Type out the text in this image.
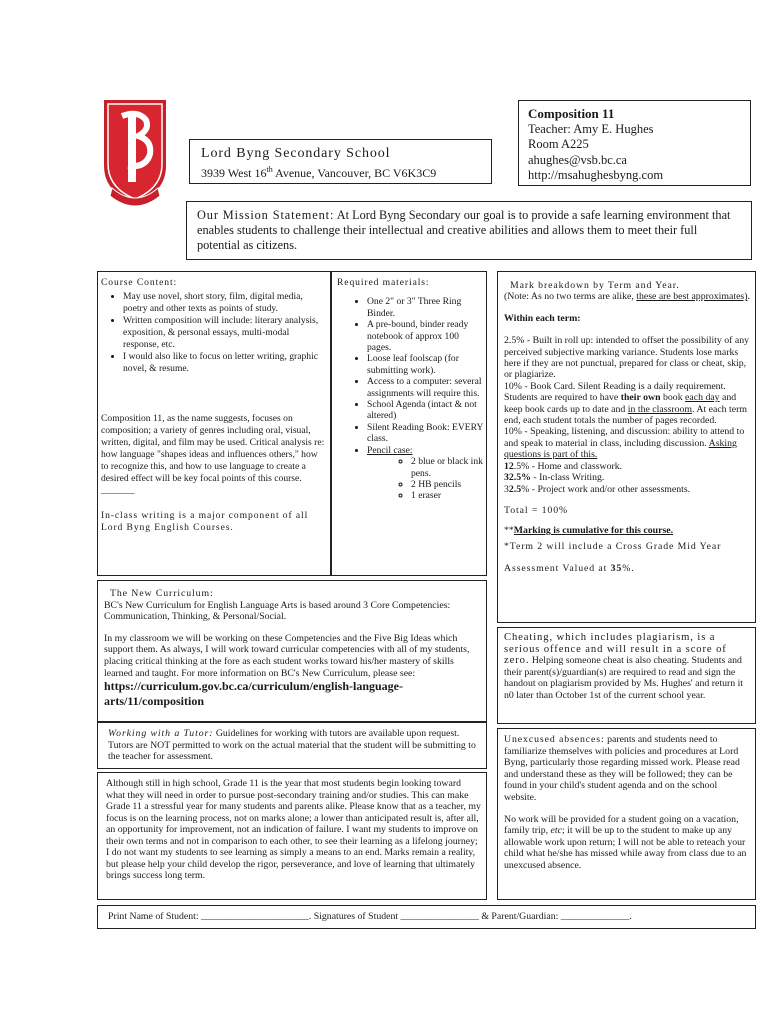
Lord Byng Secondary School
3939 West 16th Avenue, Vancouver, BC V6K3C9
Composition 11
Teacher: Amy E. Hughes
Room A225
ahughes@vsb.bc.ca
http://msahughesbyng.com
Our Mission Statement: At Lord Byng Secondary our goal is to provide a safe learning environment that enables students to challenge their intellectual and creative abilities and allows them to meet their full potential as citizens.
Course Content:
• May use novel, short story, film, digital media, poetry and other texts as points of study.
• Written composition will include: literary analysis, exposition, & personal essays, multi-modal response, etc.
• I would also like to focus on letter writing, graphic novel, & resume.

Composition 11, as the name suggests, focuses on composition; a variety of genres including oral, visual, written, digital, and film may be used. Critical analysis re: how language "shapes ideas and influences others," how to recognize this, and how to use language to create a desired effect will be key focal points of this course.

_______

In-class writing is a major component of all Lord Byng English Courses.

Required materials:
• One 2" or 3" Three Ring Binder.
• A pre-bound, binder ready notebook of approx 100 pages.
• Loose leaf foolscap (for submitting work).
• Access to a computer: several assignments will require this.
• School Agenda (intact & not altered)
• Silent Reading Book: EVERY class.
• Pencil case:
◦ 2 blue or black ink pens.
◦ 2 HB pencils
◦ 1 eraser
Mark breakdown by Term and Year.

(Note: As no two terms are alike, these are best approximates).

Within each term:

2.5% - Built in roll up: intended to offset the possibility of any perceived subjective marking variance. Students lose marks here if they are not punctual, prepared for class or cheat, skip, or plagiarize.

10% - Book Card. Silent Reading is a daily requirement. Students are required to have their own book each day and keep book cards up to date and in the classroom. At each term end, each student totals the number of pages recorded.

10% - Speaking, listening, and discussion: ability to attend to and speak to material in class, including discussion. Asking questions is part of this.

12.5% - Home and classwork.

32.5% - In-class Writing.

32.5% - Project work and/or other assessments.

Total = 100%

**Marking is cumulative for this course.

*Term 2 will include a Cross Grade Mid Year

Assessment Valued at 35%.

The New Curriculum:

BC's New Curriculum for English Language Arts is based around 3 Core Competencies: Communication, Thinking, & Personal/Social.

In my classroom we will be working on these Competencies and the Five Big Ideas which support them. As always, I will work toward curricular competencies with all of my students, placing critical thinking at the fore as each student works toward his/her mastery of skills learned and taught. For more information on BC's New Curriculum, please see: https://curriculum.gov.bc.ca/curriculum/english-language-arts/11/composition

Working with a Tutor: Guidelines for working with tutors are available upon request. Tutors are NOT permitted to work on the actual material that the student will be submitting to the teacher for assessment.

Although still in high school, Grade 11 is the year that most students begin looking toward what they will need in order to pursue post-secondary training and/or studies. This can make Grade 11 a stressful year for many students and parents alike. Please know that as a teacher, my focus is on the learning process, not on marks alone; a lower than anticipated result is, after all, an opportunity for improvement, not an indication of failure. I want my students to improve on their own terms and not in comparison to each other, to see their learning as a lifelong journey; I do not want my students to see learning as simply a means to an end. Marks remain a reality, but please help your child develop the rigor, perseverance, and love of learning that ultimately brings success long term.

Cheating, which includes plagiarism, is a serious offence and will result in a score of zero. Helping someone cheat is also cheating. Students and their parent(s)/guardian(s) are required to read and sign the handout on plagiarism provided by Ms. Hughes' and return it n0 later than October 1st of the current school year.

Unexcused absences: parents and students need to familiarize themselves with policies and procedures at Lord Byng, particularly those regarding missed work. Please read and understand these as they will be followed; they can be found in your child's student agenda and on the school website.

No work will be provided for a student going on a vacation, family trip, etc; it will be up to the student to make up any allowable work upon return; I will not be able to reteach your child what he/she has missed while away from class due to an unexcused absence.

Print Name of Student: ______________________. Signatures of Student ________________ & Parent/Guardian: ______________.
